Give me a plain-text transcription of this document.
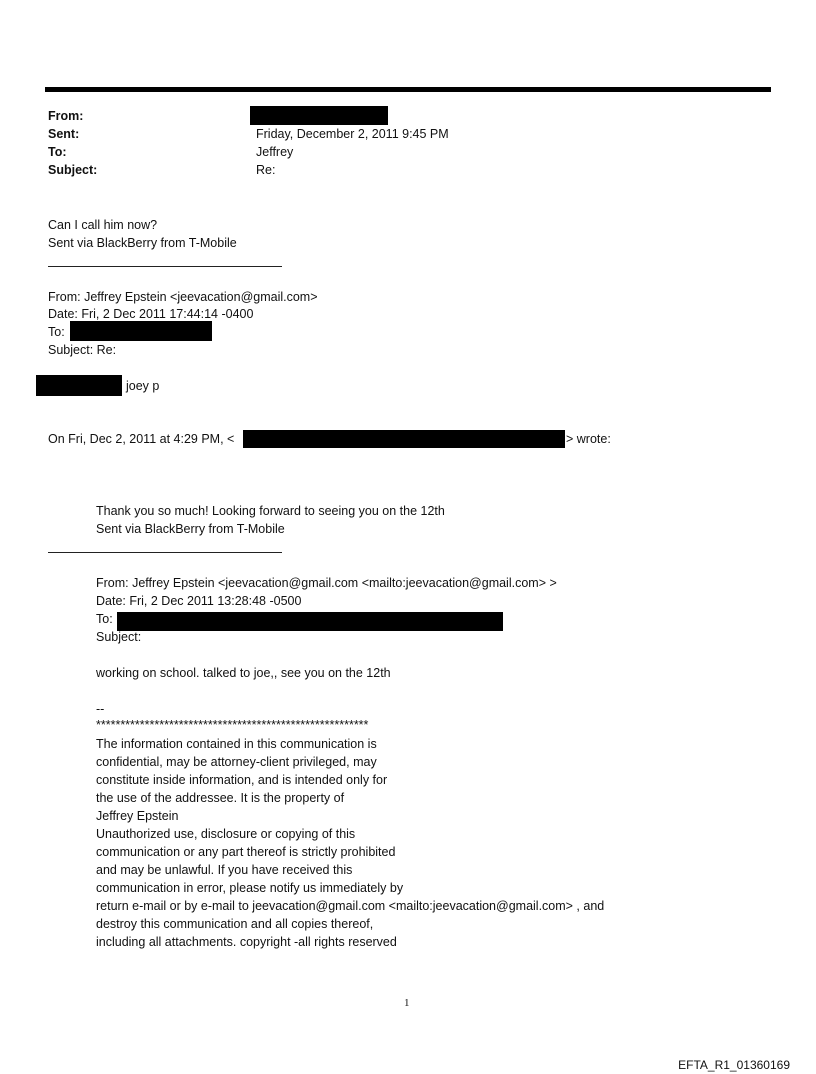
From:
Sent:	Friday, December 2, 2011 9:45 PM
To:	Jeffrey
Subject:	Re:
Can I call him now?
Sent via BlackBerry from T-Mobile
From: Jeffrey Epstein <jeevacation@gmail.com>
Date: Fri, 2 Dec 2011 17:44:14 -0400
To:
Subject: Re:
joey p
On Fri, Dec 2, 2011 at 4:29 PM, <	> wrote:
Thank you so much! Looking forward to seeing you on the 12th
Sent via BlackBerry from T-Mobile
From: Jeffrey Epstein <jeevacation@gmail.com <mailto:jeevacation@gmail.com> >
Date: Fri, 2 Dec 2011 13:28:48 -0500
To:
Subject:
working on school. talked to joe,, see you on the 12th
--
********************************************************
The information contained in this communication is
confidential, may be attorney-client privileged, may
constitute inside information, and is intended only for
the use of the addressee. It is the property of
Jeffrey Epstein
Unauthorized use, disclosure or copying of this
communication or any part thereof is strictly prohibited
and may be unlawful. If you have received this
communication in error, please notify us immediately by
return e-mail or by e-mail to jeevacation@gmail.com <mailto:jeevacation@gmail.com> , and
destroy this communication and all copies thereof,
including all attachments. copyright -all rights reserved
1
EFTA_R1_01360169
